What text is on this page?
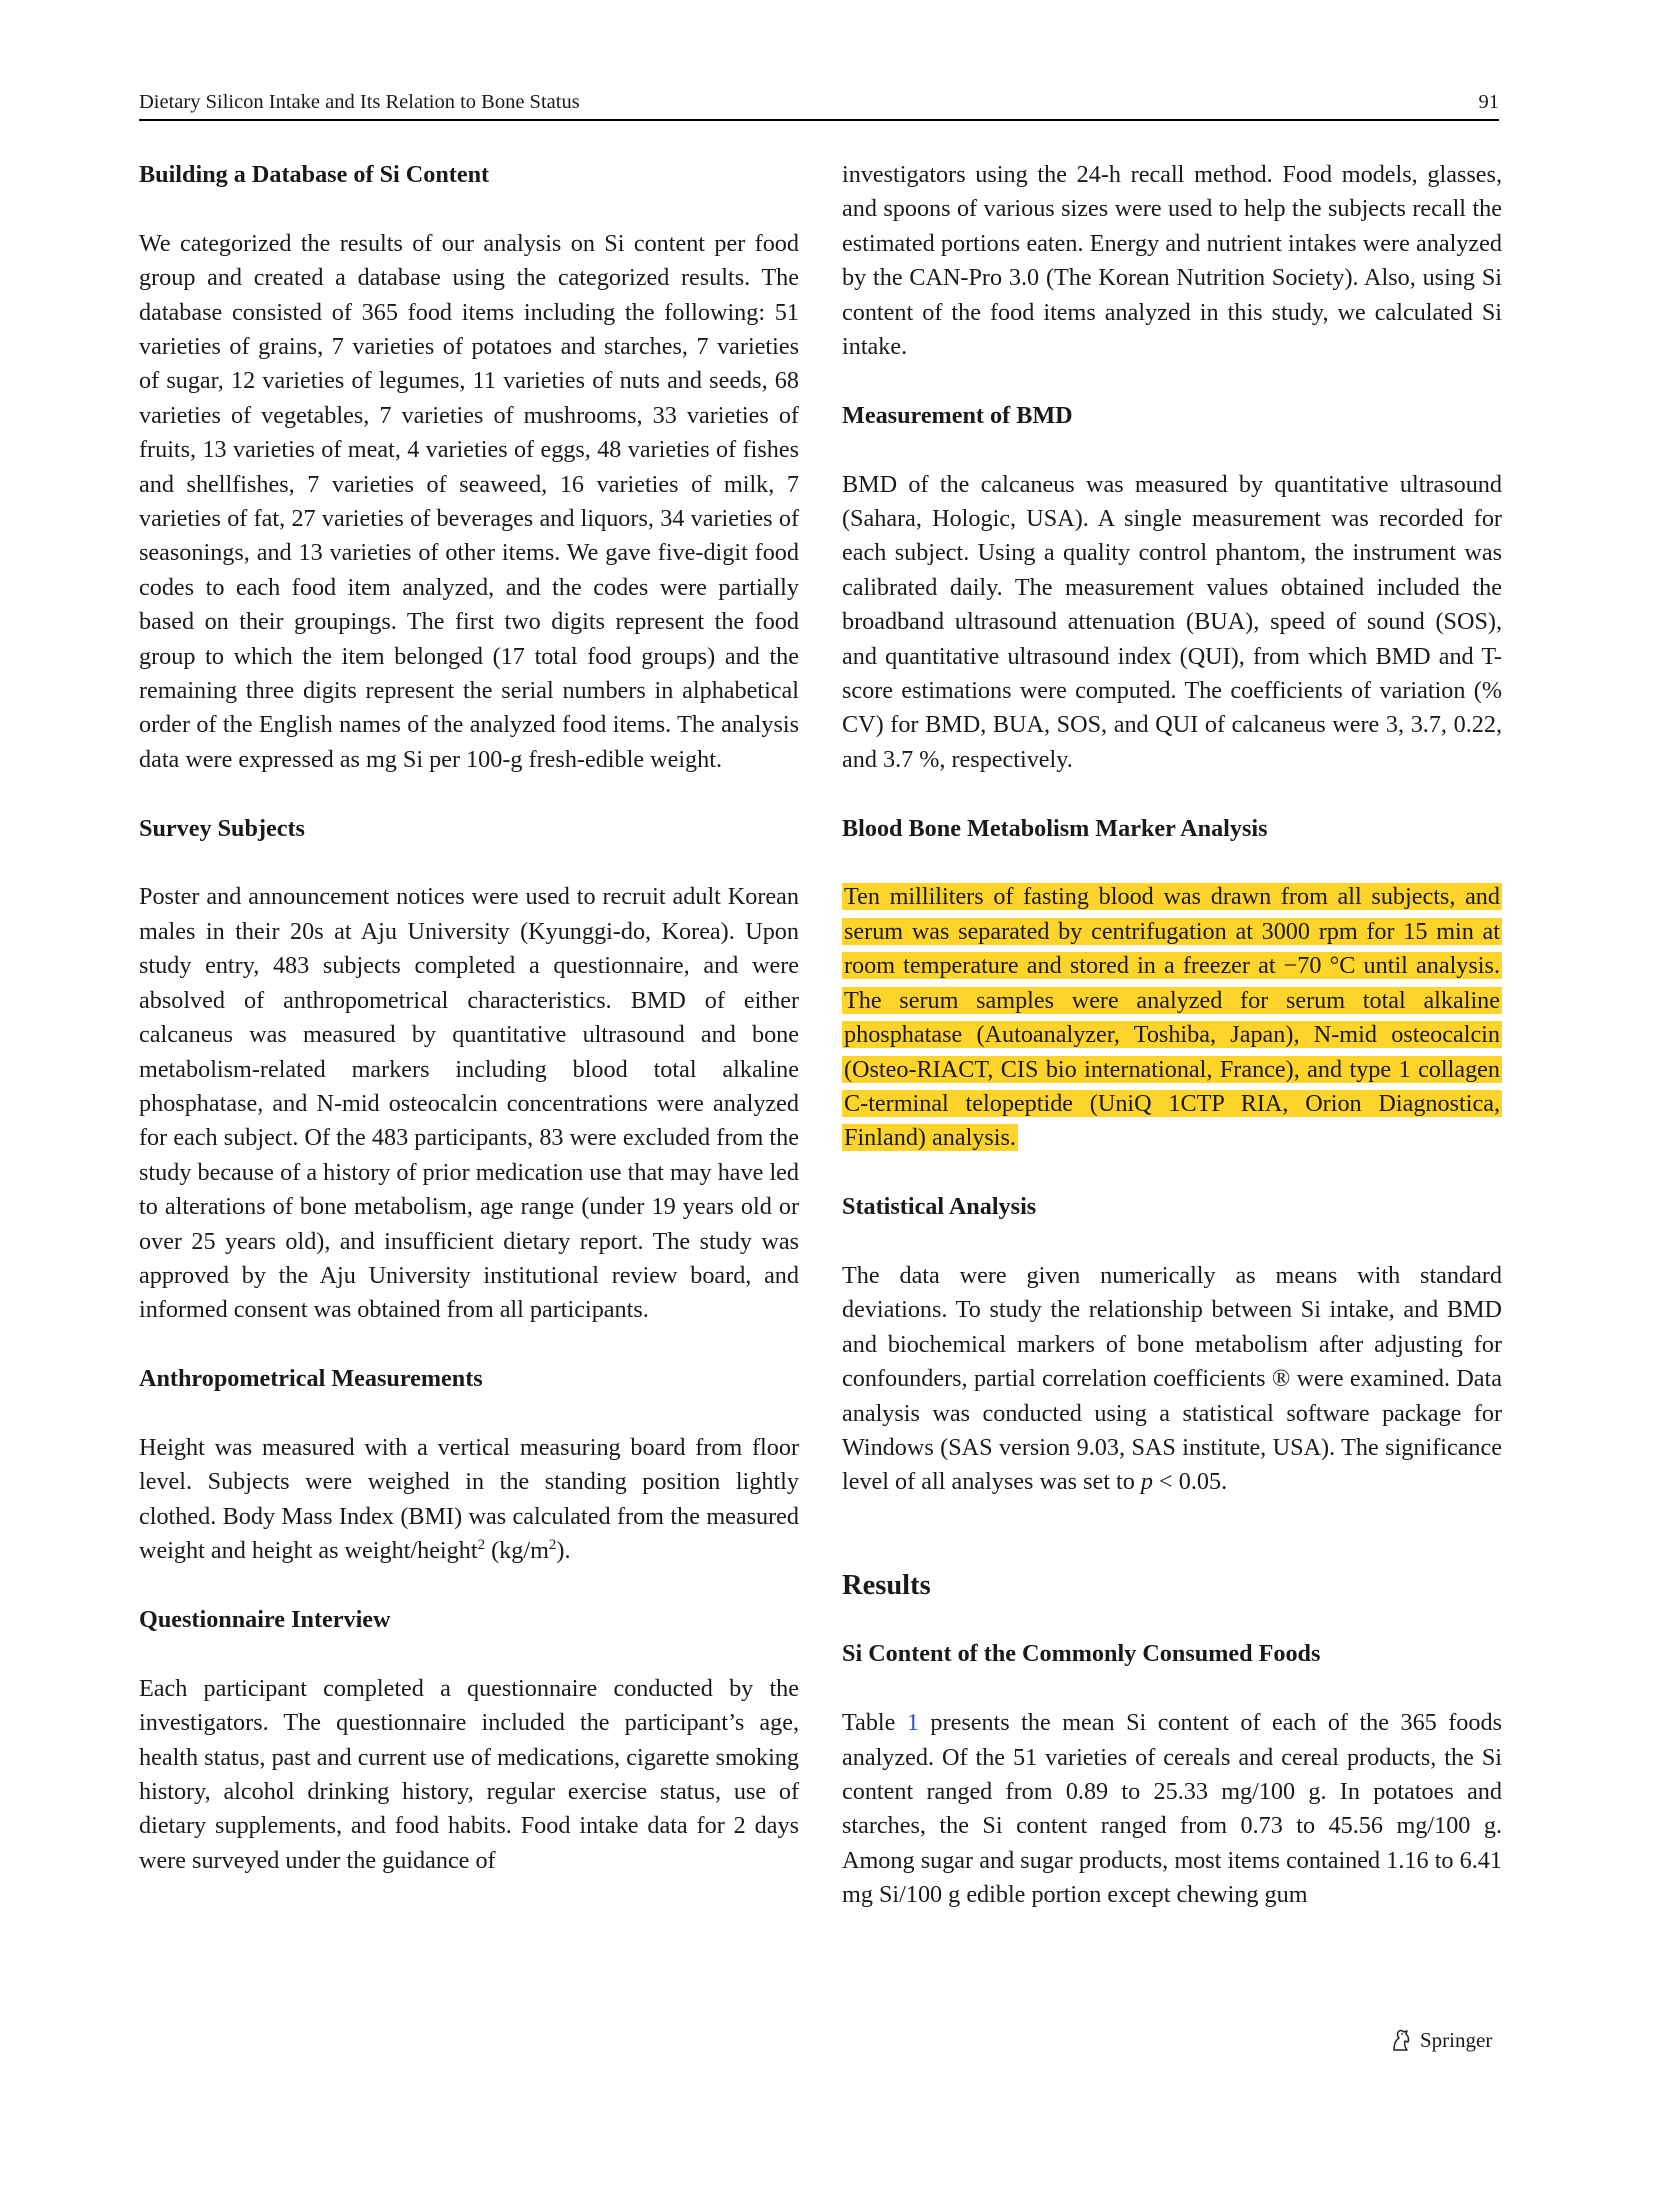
Dietary Silicon Intake and Its Relation to Bone Status	91
Building a Database of Si Content

We categorized the results of our analysis on Si content per food group and created a database using the categorized results. The database consisted of 365 food items including the following: 51 varieties of grains, 7 varieties of potatoes and starches, 7 varieties of sugar, 12 varieties of legumes, 11 varieties of nuts and seeds, 68 varieties of vegetables, 7 varieties of mushrooms, 33 varieties of fruits, 13 varieties of meat, 4 varieties of eggs, 48 varieties of fishes and shellfishes, 7 varieties of seaweed, 16 varieties of milk, 7 varieties of fat, 27 varieties of beverages and liquors, 34 varieties of seasonings, and 13 varieties of other items. We gave five-digit food codes to each food item analyzed, and the codes were partially based on their groupings. The first two digits represent the food group to which the item belonged (17 total food groups) and the remaining three digits represent the serial numbers in alphabetical order of the English names of the analyzed food items. The analysis data were expressed as mg Si per 100-g fresh-edible weight.

Survey Subjects

Poster and announcement notices were used to recruit adult Korean males in their 20s at Aju University (Kyunggi-do, Korea). Upon study entry, 483 subjects completed a questionnaire, and were absolved of anthropometrical characteristics. BMD of either calcaneus was measured by quantitative ultrasound and bone metabolism-related markers including blood total alkaline phosphatase, and N-mid osteocalcin concentrations were analyzed for each subject. Of the 483 participants, 83 were excluded from the study because of a history of prior medication use that may have led to alterations of bone metabolism, age range (under 19 years old or over 25 years old), and insufficient dietary report. The study was approved by the Aju University institutional review board, and informed consent was obtained from all participants.

Anthropometrical Measurements

Height was measured with a vertical measuring board from floor level. Subjects were weighed in the standing position lightly clothed. Body Mass Index (BMI) was calculated from the measured weight and height as weight/height$^2$ $(kg/m^2)$.

Questionnaire Interview

Each participant completed a questionnaire conducted by the investigators. The questionnaire included the participant’s age, health status, past and current use of medications, cigarette smoking history, alcohol drinking history, regular exercise status, use of dietary supplements, and food habits. Food intake data for 2 days were surveyed under the guidance of

investigators using the 24-h recall method. Food models, glasses, and spoons of various sizes were used to help the subjects recall the estimated portions eaten. Energy and nutrient intakes were analyzed by the CAN-Pro 3.0 (The Korean Nutrition Society). Also, using Si content of the food items analyzed in this study, we calculated Si intake.

Measurement of BMD

BMD of the calcaneus was measured by quantitative ultrasound (Sahara, Hologic, USA). A single measurement was recorded for each subject. Using a quality control phantom, the instrument was calibrated daily. The measurement values obtained included the broadband ultrasound attenuation (BUA), speed of sound (SOS), and quantitative ultrasound index (QUI), from which BMD and T-score estimations were computed. The coefficients of variation (% CV) for BMD, BUA, SOS, and QUI of calcaneus were 3, 3.7, 0.22, and 3.7 %, respectively.

Blood Bone Metabolism Marker Analysis

Ten milliliters of fasting blood was drawn from all subjects, and serum was separated by centrifugation at 3000 rpm for 15 min at room temperature and stored in a freezer at −70 °C until analysis. The serum samples were analyzed for serum total alkaline phosphatase (Autoanalyzer, Toshiba, Japan), N-mid osteocalcin (Osteo-RIACT, CIS bio international, France), and type 1 collagen C-terminal telopeptide (UniQ 1CTP RIA, Orion Diagnostica, Finland) analysis.

Statistical Analysis

The data were given numerically as means with standard deviations. To study the relationship between Si intake, and BMD and biochemical markers of bone metabolism after adjusting for confounders, partial correlation coefficients ® were examined. Data analysis was conducted using a statistical software package for Windows (SAS version 9.03, SAS institute, USA). The significance level of all analyses was set to p < 0.05.

Results
Si Content of the Commonly Consumed Foods

Table 1 presents the mean Si content of each of the 365 foods analyzed. Of the 51 varieties of cereals and cereal products, the Si content ranged from 0.89 to 25.33 mg/100 g. In potatoes and starches, the Si content ranged from 0.73 to 45.56 mg/100 g. Among sugar and sugar products, most items contained 1.16 to 6.41 mg Si/100 g edible portion except chewing gum

Springer
